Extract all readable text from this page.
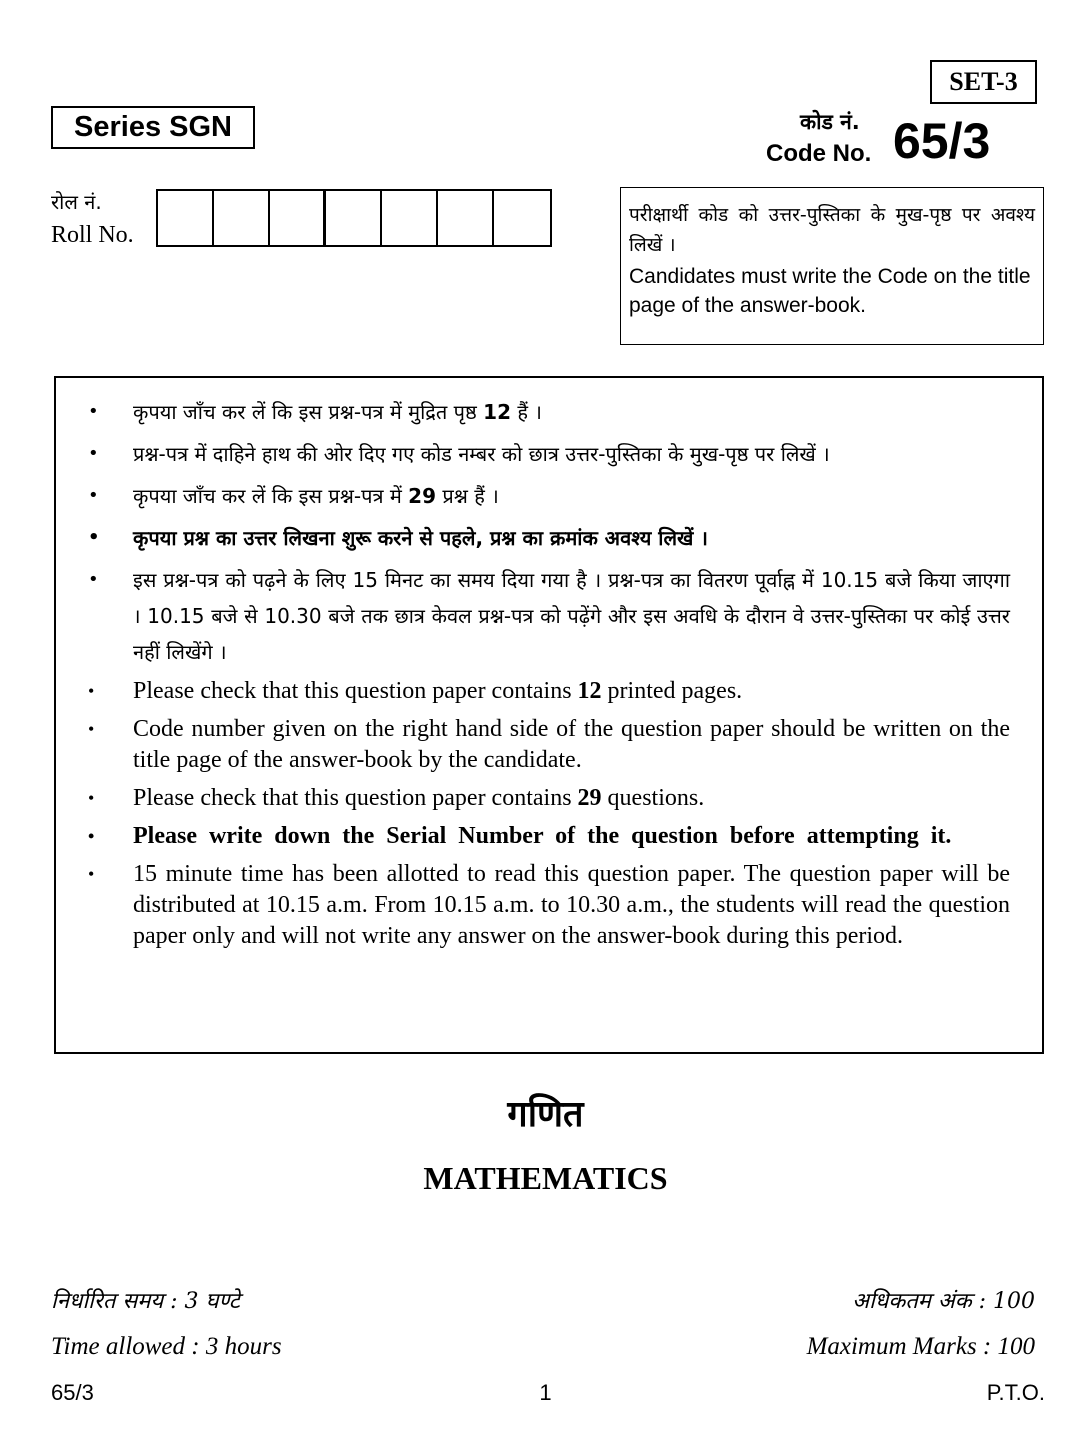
SET-3
Series SGN	कोड नं.
Code No. 65/3
रोल नं.
Roll No.
परीक्षार्थी कोड को उत्तर-पुस्तिका के मुख-पृष्ठ पर अवश्य लिखें ।
Candidates must write the Code on the title page of the answer-book.
• कृपया जाँच कर लें कि इस प्रश्न-पत्र में मुद्रित पृष्ठ 12 हैं ।
• प्रश्न-पत्र में दाहिने हाथ की ओर दिए गए कोड नम्बर को छात्र उत्तर-पुस्तिका के मुख-पृष्ठ पर लिखें ।
• कृपया जाँच कर लें कि इस प्रश्न-पत्र में 29 प्रश्न हैं ।
• कृपया प्रश्न का उत्तर लिखना शुरू करने से पहले, प्रश्न का क्रमांक अवश्य लिखें ।
• इस प्रश्न-पत्र को पढ़ने के लिए 15 मिनट का समय दिया गया है । प्रश्न-पत्र का वितरण पूर्वाह्न में 10.15 बजे किया जाएगा । 10.15 बजे से 10.30 बजे तक छात्र केवल प्रश्न-पत्र को पढ़ेंगे और इस अवधि के दौरान वे उत्तर-पुस्तिका पर कोई उत्तर नहीं लिखेंगे ।
• Please check that this question paper contains 12 printed pages.
• Code number given on the right hand side of the question paper should be written on the title page of the answer-book by the candidate.
• Please check that this question paper contains 29 questions.
• Please write down the Serial Number of the question before attempting it.
• 15 minute time has been allotted to read this question paper. The question paper will be distributed at 10.15 a.m. From 10.15 a.m. to 10.30 a.m., the students will read the question paper only and will not write any answer on the answer-book during this period.
गणित
MATHEMATICS
निर्धारित समय : 3 घण्टे
Time allowed : 3 hours
अधिकतम अंक : 100
Maximum Marks : 100
65/3	1	P.T.O.
